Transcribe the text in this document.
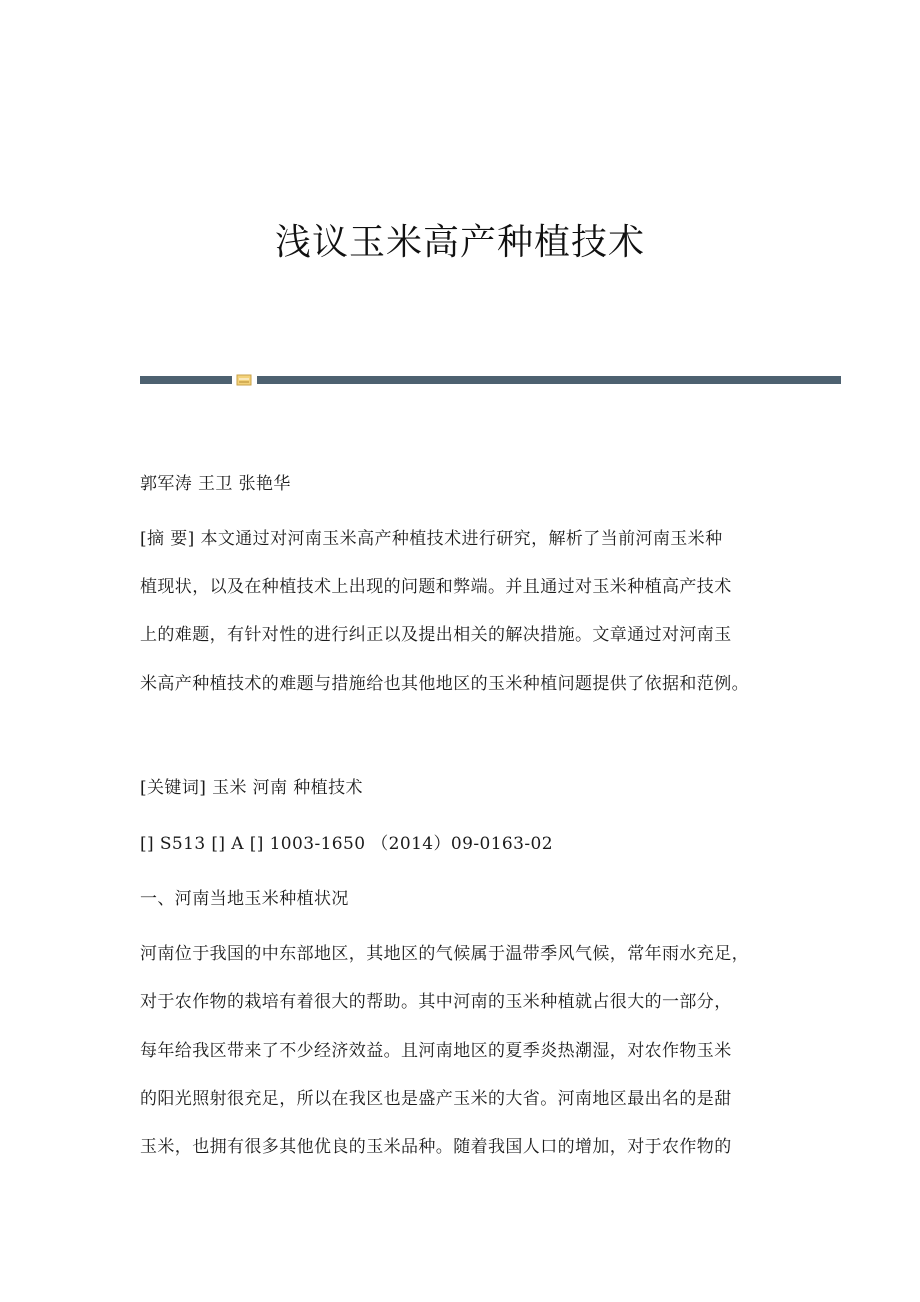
浅议玉米高产种植技术
郭军涛 王卫 张艳华
[摘 要] 本文通过对河南玉米高产种植技术进行研究，解析了当前河南玉米种
植现状，以及在种植技术上出现的问题和弊端。并且通过对玉米种植高产技术
上的难题，有针对性的进行纠正以及提出相关的解决措施。文章通过对河南玉
米高产种植技术的难题与措施给也其他地区的玉米种植问题提供了依据和范例。
[关键词] 玉米 河南 种植技术
[] S513 [] A [] 1003-1650 （2014）09-0163-02
一、河南当地玉米种植状况
河南位于我国的中东部地区，其地区的气候属于温带季风气候，常年雨水充足，
对于农作物的栽培有着很大的帮助。其中河南的玉米种植就占很大的一部分，
每年给我区带来了不少经济效益。且河南地区的夏季炎热潮湿，对农作物玉米
的阳光照射很充足，所以在我区也是盛产玉米的大省。河南地区最出名的是甜
玉米，也拥有很多其他优良的玉米品种。随着我国人口的增加，对于农作物的
